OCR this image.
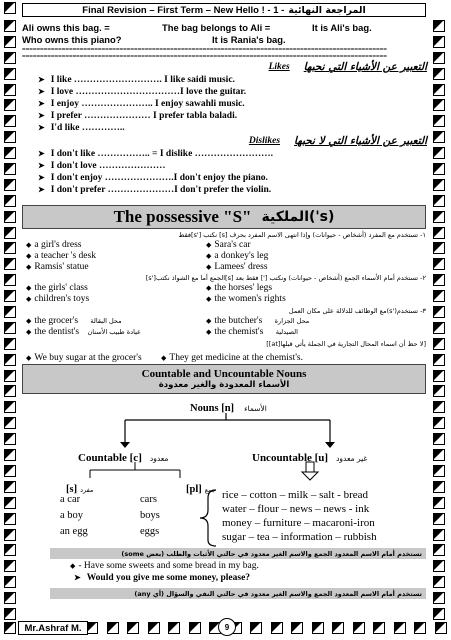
Final Revision – First Term – New Hello ! - 1 - المراجعة النهائية
Ali owns this bag. =	The bag belongs to Ali =	It is Ali's bag.
Who owns this piano?	It is Rania's bag.
=====================================================================================================
=====================================================================================================
Likes التعبير عن الأشياء التي نحبها
➤ I like ………………………. I like saidi music.
➤ I love ……………………………I love the guitar.
➤ I enjoy ………………….. I enjoy sawahli music.
➤ I prefer ………………… I prefer tabla baladi.
➤ I'd like …………..
Dislikes التعبير عن الأشياء التي لا نحبها
➤ I don't like …………….. = I dislike …………………….
➤ I don't love …………………
➤ I don't enjoy ………………….I don't enjoy the piano.
➤ I don't prefer …………………I don't prefer the violin.
The possessive "S" الملكية('s)
١- تستخدم مع المفرد (أشخاص - حيوانات) وإذا انتهى الاسم المفرد بحرف [s] نكتب ['s]فقط
◆ a girl's dress	◆ Sara's car
◆ a teacher 's desk	◆ a donkey's leg
◆ Ramsis' statue	◆ Lamees' dress
٢- تستخدم أمام الأسماء الجمع (أشخاص - حيوانات) ونكتب ['] فقط بعد [s]الجمع أما مع الشواذ نكتب['s]
◆ the girls' class	◆ the horses' legs
◆ children's toys	◆ the women's rights
٣- تستخدم('s)مع الوظائف للدلالة على مكان العمل
◆ the grocer's محل البقالة	◆ the butcher's محل الجزارة
◆ the dentist's عيادة طبيب الأسنان	◆ the chemist's الصيدلية
[لا حظ أن اسماء المحال التجارية في الجملة يأتي قبلها[at]]
◆ We buy sugar at the grocer's	◆ They get medicine at the chemist's.
Countable and Uncountable Nouns
الأسماء المعدودة والغير معدودة
Nouns [n] الأسماء
Countable [c] معدود	Uncountable [u] غير معدود
[s] مفرد	[pl] جمع
a car	cars
a boy	boys
an egg	eggs
rice – cotton – milk – salt - bread
water – flour – news – news - ink
money – furniture – macaroni-iron
sugar – tea – information – rubbish
تستخدم أمام الاسم المعدود الجمع والاسم الغير معدود في حالتي الأثبات والطلب (بعض some)
◆ - Have some sweets and some bread in my bag.
➤ Would you give me some money, please?
تستخدم أمام الاسم المعدود الجمع والاسم الغير معدود في حالتي النفي والسؤال (أي any)
Mr.Ashraf M.	9
